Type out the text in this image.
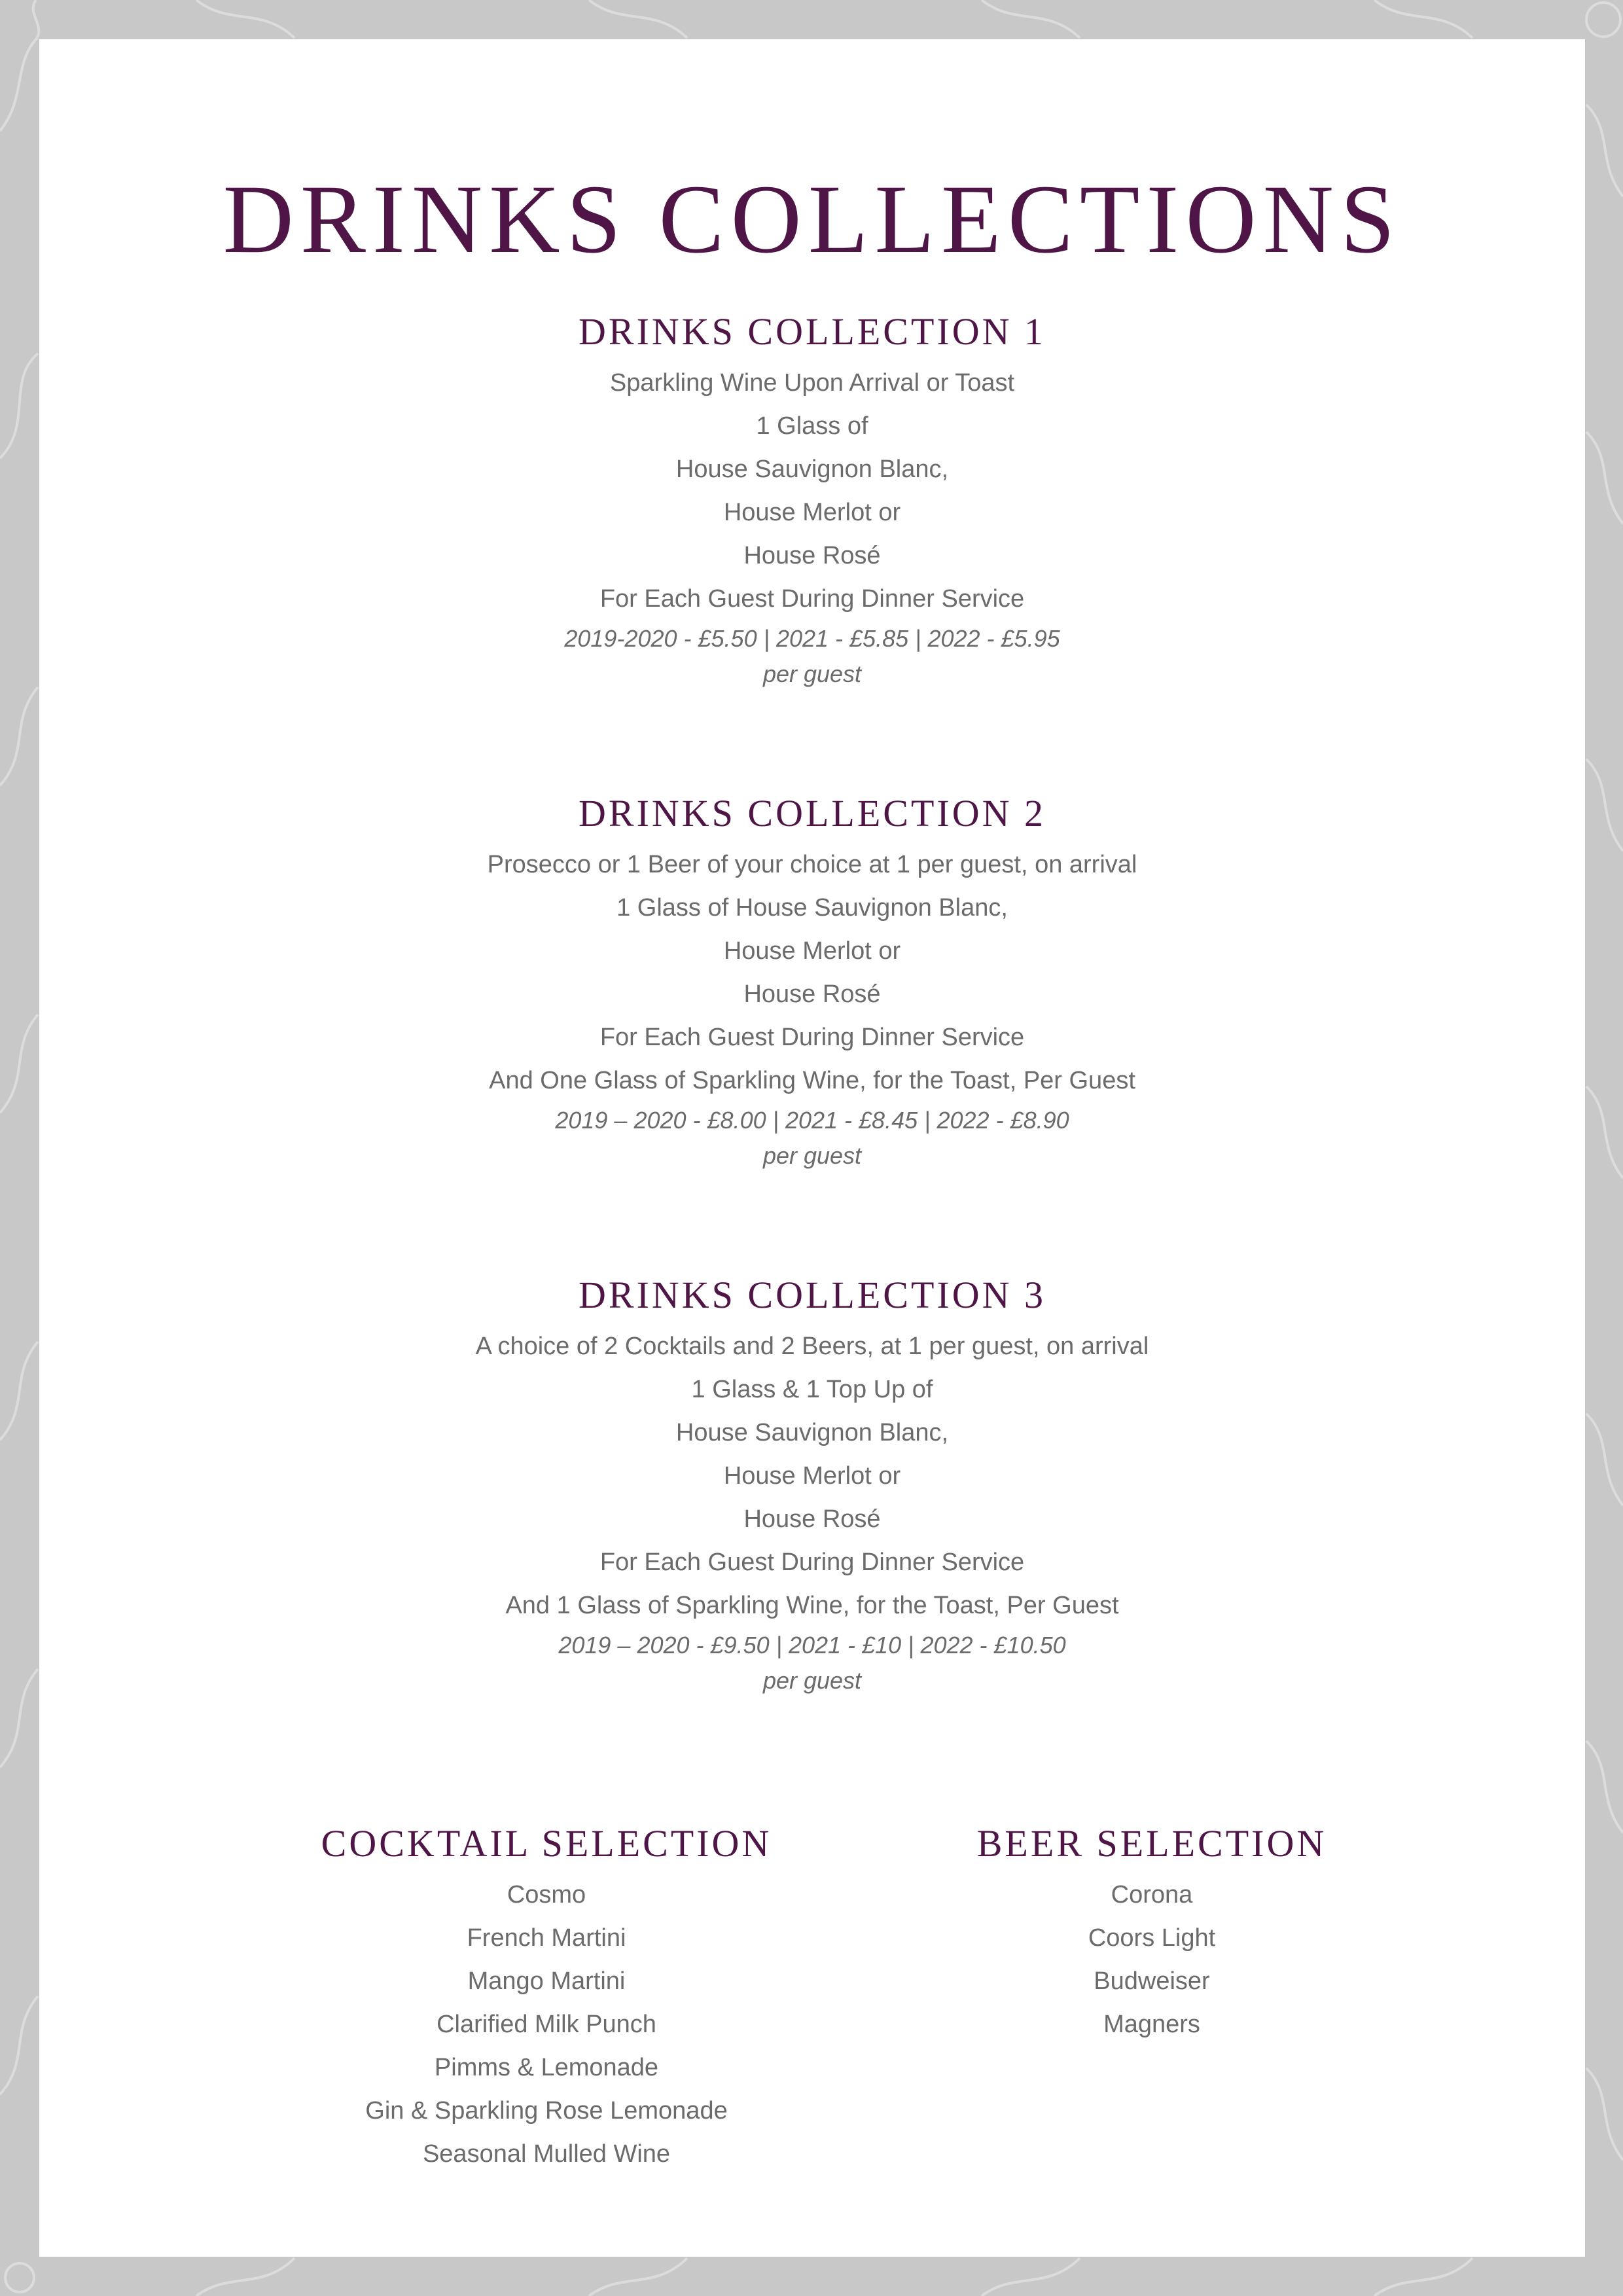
DRINKS COLLECTIONS
DRINKS COLLECTION 1

Sparkling Wine Upon Arrival or Toast

1 Glass of

House Sauvignon Blanc,

House Merlot or

House Rosé

For Each Guest During Dinner Service

2019-2020 - £5.50 | 2021 - £5.85 | 2022 - £5.95

per guest

DRINKS COLLECTION 2

Prosecco or 1 Beer of your choice at 1 per guest, on arrival

1 Glass of House Sauvignon Blanc,

House Merlot or

House Rosé

For Each Guest During Dinner Service

And One Glass of Sparkling Wine, for the Toast, Per Guest

2019 – 2020 - £8.00 | 2021 - £8.45 | 2022 - £8.90

per guest

DRINKS COLLECTION 3

A choice of 2 Cocktails and 2 Beers, at 1 per guest, on arrival

1 Glass & 1 Top Up of

House Sauvignon Blanc,

House Merlot or

House Rosé

For Each Guest During Dinner Service

And 1 Glass of Sparkling Wine, for the Toast, Per Guest

2019 – 2020 - £9.50 | 2021 - £10 | 2022 - £10.50

per guest

COCKTAIL SELECTION

Cosmo

French Martini

Mango Martini

Clarified Milk Punch

Pimms & Lemonade

Gin & Sparkling Rose Lemonade

Seasonal Mulled Wine

BEER SELECTION

Corona

Coors Light

Budweiser

Magners
